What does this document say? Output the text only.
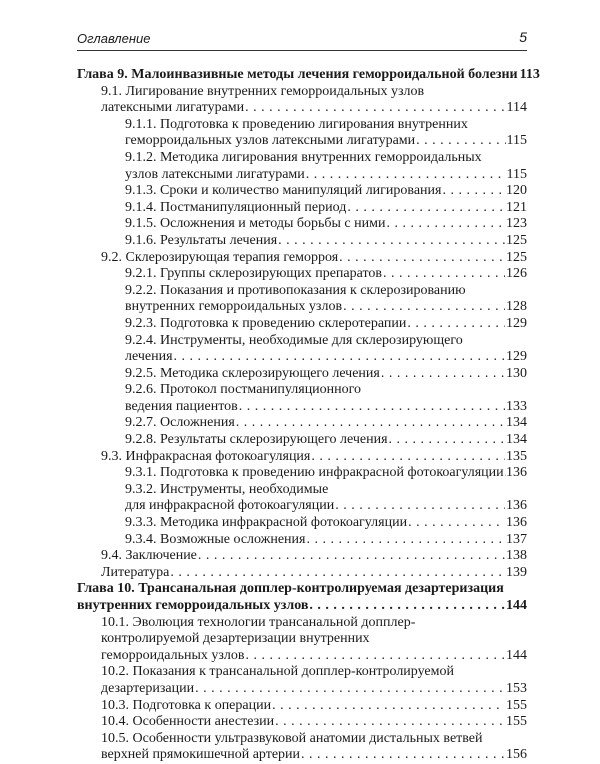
Оглавление	5
Глава 9. Малоинвазивные методы лечения геморроидальной болезни 113
9.1. Лигирование внутренних геморроидальных узлов
латексными лигатурами . . .	114
9.1.1. Подготовка к проведению лигирования внутренних
геморроидальных узлов латексными лигатурами . . .	115
9.1.2. Методика лигирования внутренних геморроидальных
узлов латексными лигатурами . . .	115
9.1.3. Сроки и количество манипуляций лигирования . . .	120
9.1.4. Постманипуляционный период . . .	121
9.1.5. Осложнения и методы борьбы с ними . . .	123
9.1.6. Результаты лечения . . .	125
9.2. Склерозирующая терапия геморроя . . .	125
9.2.1. Группы склерозирующих препаратов . . .	126
9.2.2. Показания и противопоказания к склерозированию
внутренних геморроидальных узлов . . .	128
9.2.3. Подготовка к проведению склеротерапии . . .	129
9.2.4. Инструменты, необходимые для склерозирующего
лечения . . .	129
9.2.5. Методика склерозирующего лечения . . .	130
9.2.6. Протокол постманипуляционного
ведения пациентов . . .	133
9.2.7. Осложнения . . .	134
9.2.8. Результаты склерозирующего лечения . . .	134
9.3. Инфракрасная фотокоагуляция . . .	135
9.3.1. Подготовка к проведению инфракрасной фотокоагуляции . . . 136
9.3.2. Инструменты, необходимые
для инфракрасной фотокоагуляции . . .	136
9.3.3. Методика инфракрасной фотокоагуляции . . .	136
9.3.4. Возможные осложнения . . .	137
9.4. Заключение . . .	138
Литература . . .	139
Глава 10. Трансанальная допплер-контролируемая дезартеризация
внутренних геморроидальных узлов . . .	144
10.1. Эволюция технологии трансанальной допплер-
контролируемой дезартеризации внутренних
геморроидальных узлов . . .	144
10.2. Показания к трансанальной допплер-контролируемой
дезартеризации . . .	153
10.3. Подготовка к операции . . .	155
10.4. Особенности анестезии . . .	155
10.5. Особенности ультразвуковой анатомии дистальных ветвей
верхней прямокишечной артерии . . .	156
